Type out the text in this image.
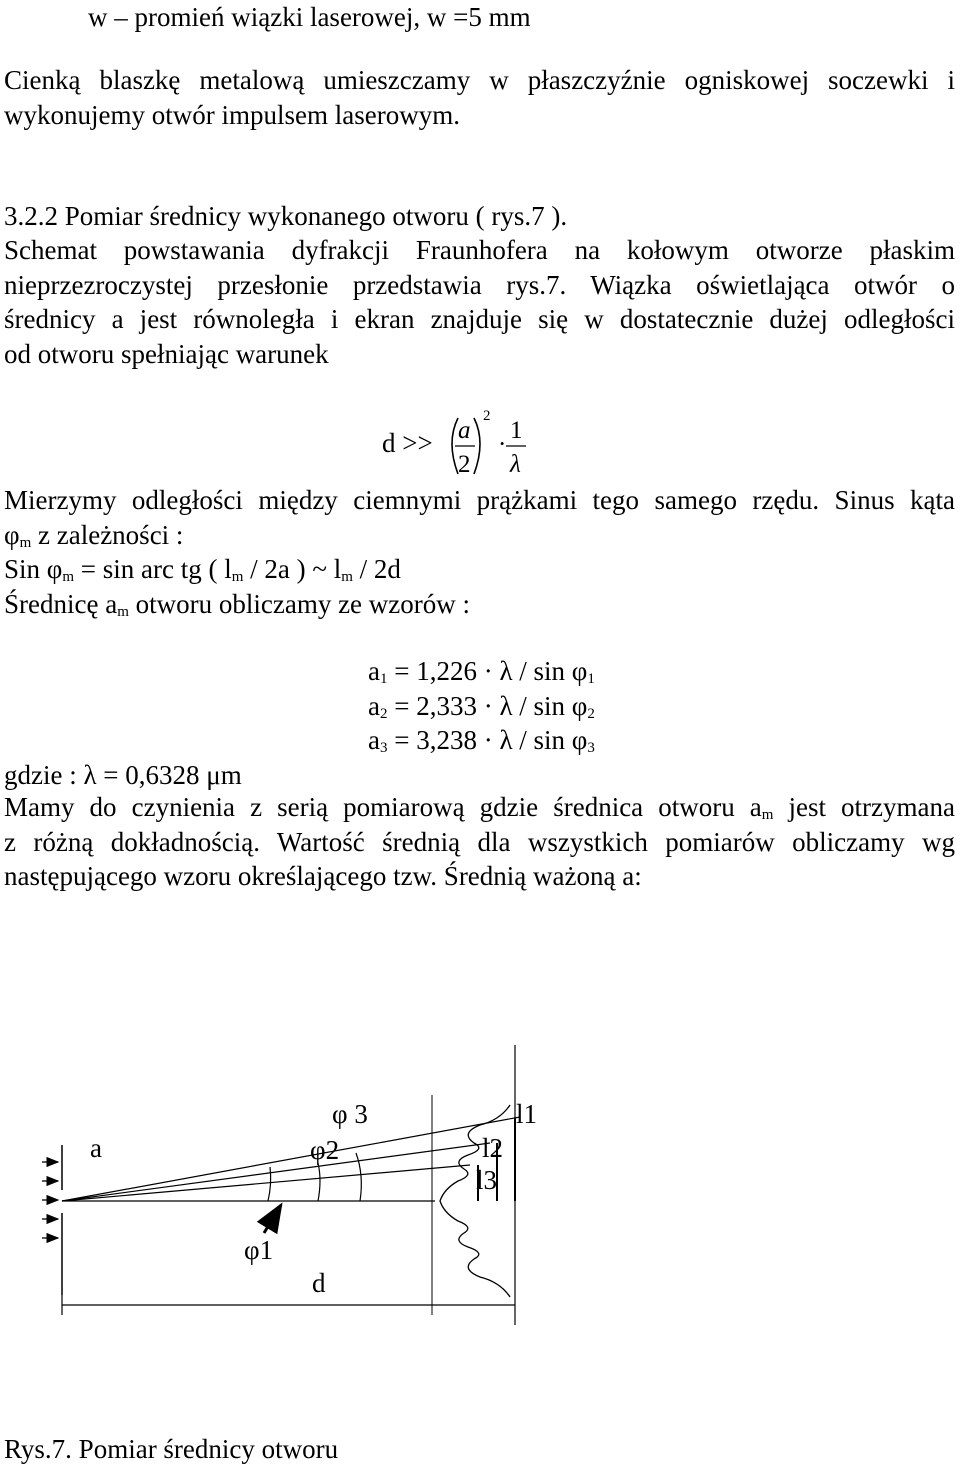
w – promień wiązki laserowej, w =5 mm
Cienką blaszkę metalową umieszczamy w płaszczyźnie ogniskowej soczewki i
wykonujemy otwór impulsem laserowym.
3.2.2 Pomiar średnicy wykonanego otworu ( rys.7 ).
Schemat powstawania dyfrakcji Fraunhofera na kołowym otworze płaskim
nieprzezroczystej przesłonie przedstawia rys.7. Wiązka oświetlająca otwór o
średnicy a jest równoległa i ekran znajduje się w dostatecznie dużej odległości
od otworu spełniając warunek
d >> a
2
2
·
1
λ
Mierzymy odległości między ciemnymi prążkami tego samego rzędu. Sinus kąta
$\varphi_m$ z zależności :
Sin $\varphi_m = \sin$ arc tg ( $l_m / 2a$ ) ~ $l_m / 2d$
Średnicę $a_m$ otworu obliczamy ze wzorów :
$a_1 = 1,226 \cdot \lambda / \sin \varphi_1$
$a_2 = 2,333 \cdot \lambda / \sin \varphi_2$
$a_3 = 3,238 \cdot \lambda / \sin \varphi_3$
gdzie : λ = 0,6328 μm
Mamy do czynienia z serią pomiarową gdzie średnica otworu $a_m$ jest otrzymana
z różną dokładnością. Wartość średnią dla wszystkich pomiarów obliczamy wg
następującego wzoru określającego tzw. Średnią ważoną a:
a
φ 3
φ2
l1
l2
l3
φ1
d
Rys.7. Pomiar średnicy otworu
